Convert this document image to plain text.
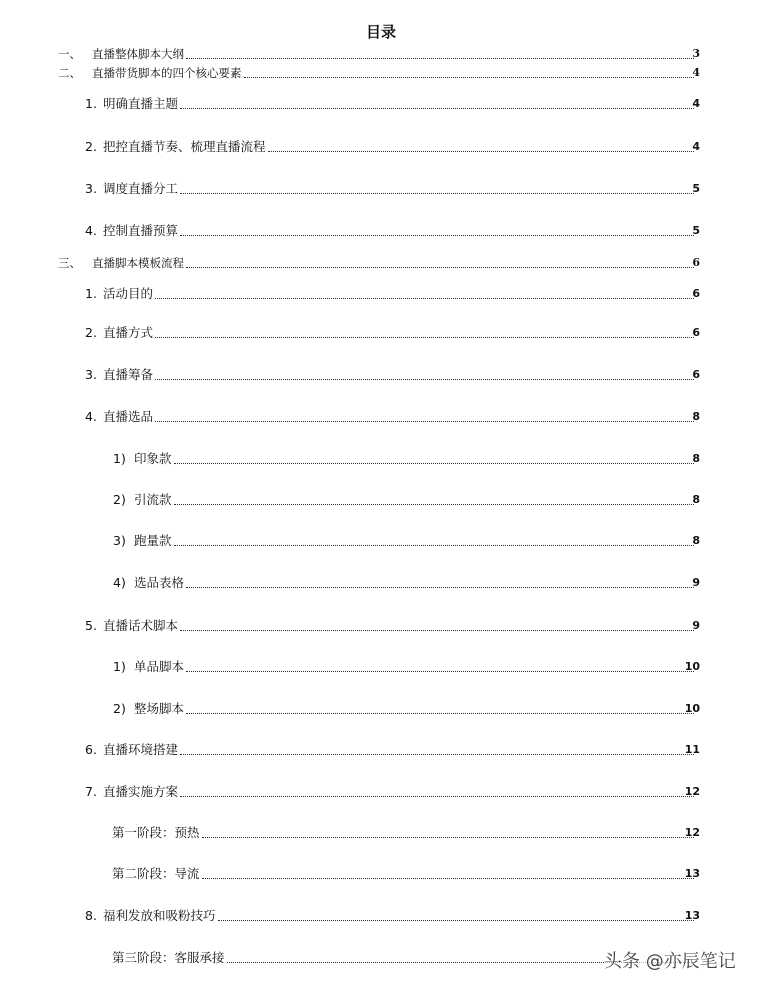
目录
一、 直播整体脚本大纲	3
二、 直播带货脚本的四个核心要素	4
1. 明确直播主题	4
2. 把控直播节奏、梳理直播流程	4
3. 调度直播分工	5
4. 控制直播预算	5
三、 直播脚本模板流程	6
1. 活动目的	6
2. 直播方式	6
3. 直播筹备	6
4. 直播选品	8
1) 印象款	8
2) 引流款	8
3) 跑量款	8
4) 选品表格	9
5. 直播话术脚本	9
1) 单品脚本	10
2) 整场脚本	10
6. 直播环境搭建	11
7. 直播实施方案	12
第一阶段：预热	12
第二阶段：导流	13
8. 福利发放和吸粉技巧	13
第三阶段：客服承接	头条 @亦辰笔记
